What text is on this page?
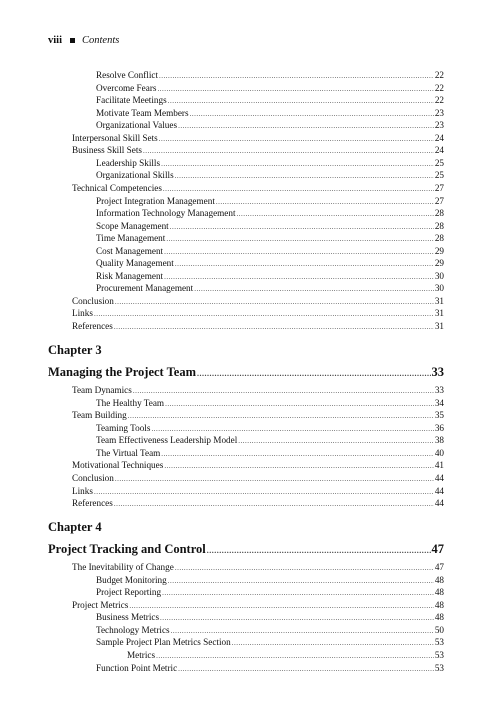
viii Contents
Resolve Conflict .....	22
Overcome Fears .....	22
Facilitate Meetings .....	22
Motivate Team Members .....	23
Organizational Values .....	23
Interpersonal Skill Sets .....	24
Business Skill Sets .....	24
Leadership Skills .....	25
Organizational Skills .....	25
Technical Competencies .....	27
Project Integration Management .....	27
Information Technology Management .....	28
Scope Management .....	28
Time Management .....	28
Cost Management .....	29
Quality Management .....	29
Risk Management .....	30
Procurement Management .....	30
Conclusion .....	31
Links .....	31
References .....	31
Chapter 3
Managing the Project Team .....	33
Team Dynamics .....	33
The Healthy Team .....	34
Team Building .....	35
Teaming Tools .....	36
Team Effectiveness Leadership Model .....	38
The Virtual Team .....	40
Motivational Techniques .....	41
Conclusion .....	44
Links .....	44
References .....	44
Chapter 4
Project Tracking and Control .....	47
The Inevitability of Change .....	47
Budget Monitoring .....	48
Project Reporting .....	48
Project Metrics .....	48
Business Metrics .....	48
Technology Metrics .....	50
Sample Project Plan Metrics Section .....	53
Metrics .....	53
Function Point Metric .....	53
